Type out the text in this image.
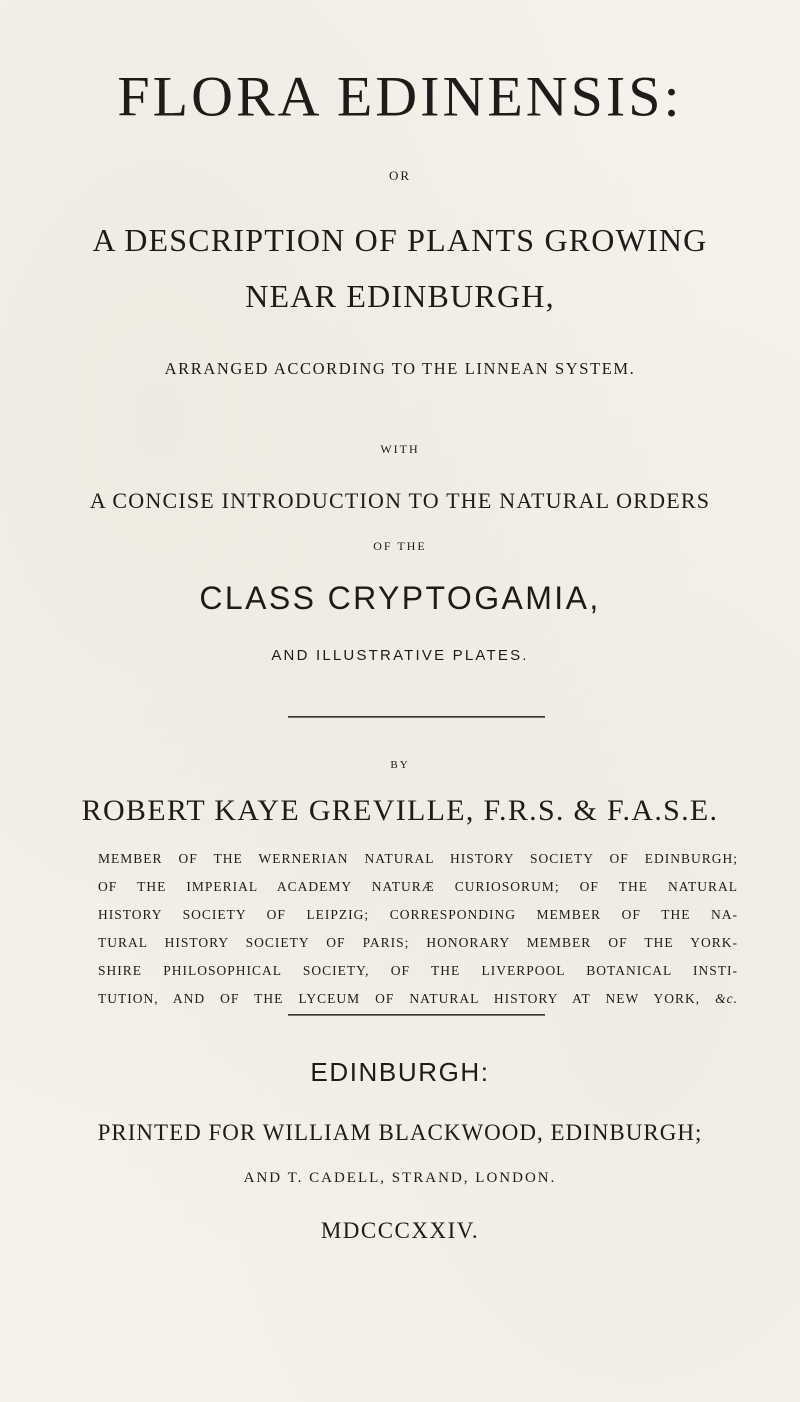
FLORA EDINENSIS:
OR
A DESCRIPTION OF PLANTS GROWING
NEAR EDINBURGH,
ARRANGED ACCORDING TO THE LINNEAN SYSTEM.
WITH
A CONCISE INTRODUCTION TO THE NATURAL ORDERS
OF THE
CLASS CRYPTOGAMIA,
AND ILLUSTRATIVE PLATES.
BY
ROBERT KAYE GREVILLE, F.R.S. & F.A.S.E.
MEMBER OF THE WERNERIAN NATURAL HISTORY SOCIETY OF EDINBURGH;
OF THE IMPERIAL ACADEMY NATURÆ CURIOSORUM; OF THE NATURAL
HISTORY SOCIETY OF LEIPZIG; CORRESPONDING MEMBER OF THE NA-
TURAL HISTORY SOCIETY OF PARIS; HONORARY MEMBER OF THE YORK-
SHIRE PHILOSOPHICAL SOCIETY, OF THE LIVERPOOL BOTANICAL INSTI-
TUTION, AND OF THE LYCEUM OF NATURAL HISTORY AT NEW YORK, &c.
EDINBURGH:
PRINTED FOR WILLIAM BLACKWOOD, EDINBURGH;
AND T. CADELL, STRAND, LONDON.
MDCCCXXIV.
